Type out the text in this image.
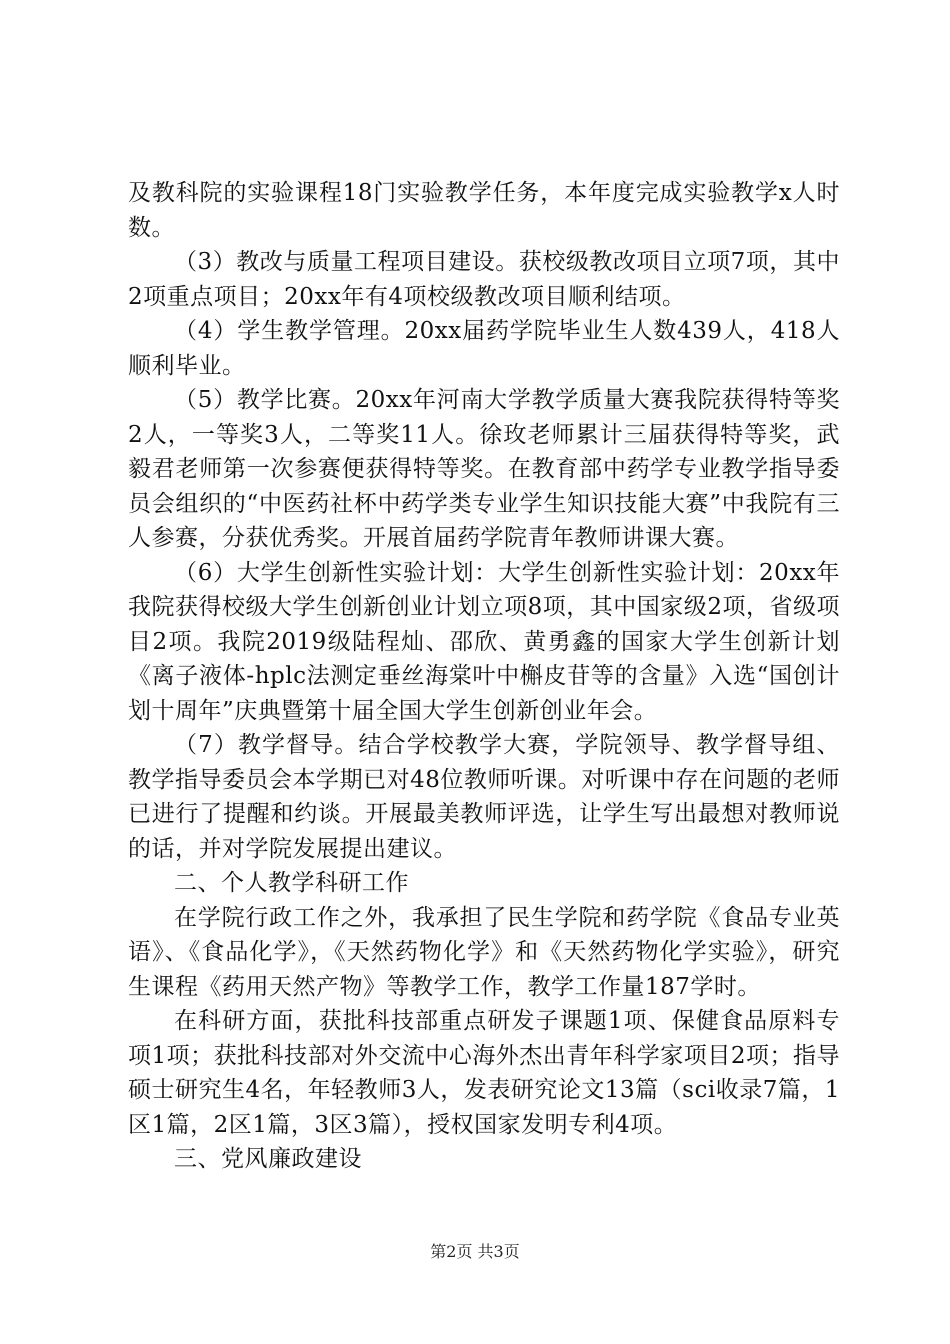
及教科院的实验课程18门实验教学任务，本年度完成实验教学x人时数。

（3）教改与质量工程项目建设。获校级教改项目立项7项，其中2项重点项目；20xx年有4项校级教改项目顺利结项。

（4）学生教学管理。20xx届药学院毕业生人数439人，418人顺利毕业。

（5）教学比赛。20xx年河南大学教学质量大赛我院获得特等奖2人，一等奖3人，二等奖11人。徐玫老师累计三届获得特等奖，武毅君老师第一次参赛便获得特等奖。在教育部中药学专业教学指导委员会组织的“中医药社杯中药学类专业学生知识技能大赛”中我院有三人参赛，分获优秀奖。开展首届药学院青年教师讲课大赛。

（6）大学生创新性实验计划：大学生创新性实验计划：20xx年我院获得校级大学生创新创业计划立项8项，其中国家级2项，省级项目2项。我院2019级陆程灿、邵欣、黄勇鑫的国家大学生创新计划《离子液体-hplc法测定垂丝海棠叶中槲皮苷等的含量》入选“国创计划十周年”庆典暨第十届全国大学生创新创业年会。

（7）教学督导。结合学校教学大赛，学院领导、教学督导组、教学指导委员会本学期已对48位教师听课。对听课中存在问题的老师已进行了提醒和约谈。开展最美教师评选，让学生写出最想对教师说的话，并对学院发展提出建议。

二、个人教学科研工作

在学院行政工作之外，我承担了民生学院和药学院《食品专业英语》、《食品化学》，《天然药物化学》和《天然药物化学实验》，研究生课程《药用天然产物》等教学工作，教学工作量187学时。

在科研方面，获批科技部重点研发子课题1项、保健食品原料专项1项；获批科技部对外交流中心海外杰出青年科学家项目2项；指导硕士研究生4名，年轻教师3人，发表研究论文13篇（sci收录7篇，1区1篇，2区1篇，3区3篇），授权国家发明专利4项。

三、党风廉政建设

第2页 共3页
